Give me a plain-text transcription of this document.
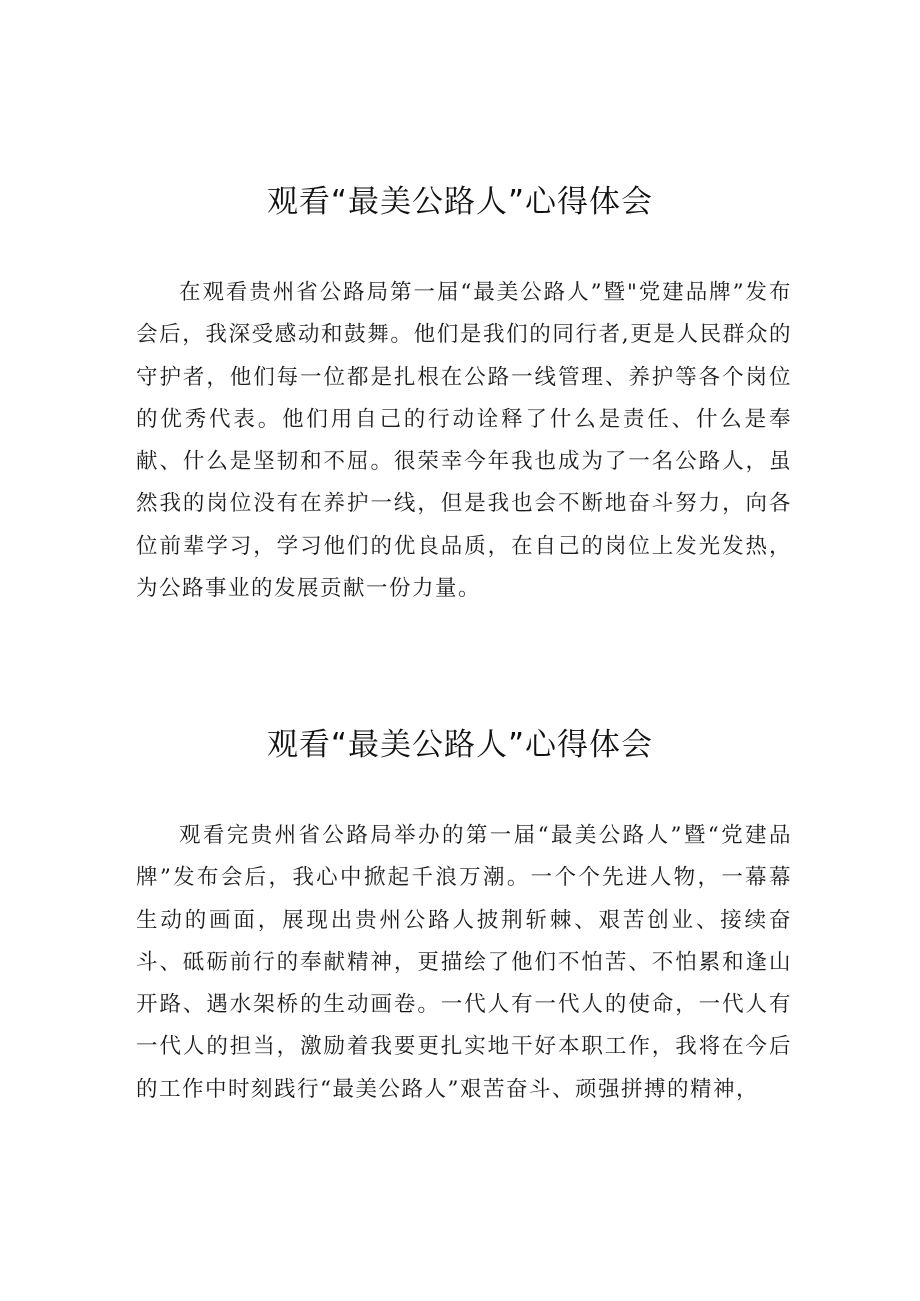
观看“最美公路人”心得体会

在观看贵州省公路局第一届“最美公路人”暨"党建品牌”发布会后，我深受感动和鼓舞。他们是我们的同行者,更是人民群众的守护者，他们每一位都是扎根在公路一线管理、养护等各个岗位的优秀代表。他们用自己的行动诠释了什么是责任、什么是奉献、什么是坚韧和不屈。很荣幸今年我也成为了一名公路人，虽然我的岗位没有在养护一线，但是我也会不断地奋斗努力，向各位前辈学习，学习他们的优良品质，在自己的岗位上发光发热，为公路事业的发展贡献一份力量。

观看“最美公路人”心得体会

观看完贵州省公路局举办的第一届“最美公路人”暨“党建品牌”发布会后，我心中掀起千浪万潮。一个个先进人物，一幕幕生动的画面，展现出贵州公路人披荆斩棘、艰苦创业、接续奋斗、砥砺前行的奉献精神，更描绘了他们不怕苦、不怕累和逢山开路、遇水架桥的生动画卷。一代人有一代人的使命，一代人有一代人的担当，激励着我要更扎实地干好本职工作，我将在今后的工作中时刻践行“最美公路人”艰苦奋斗、顽强拼搏的精神，
